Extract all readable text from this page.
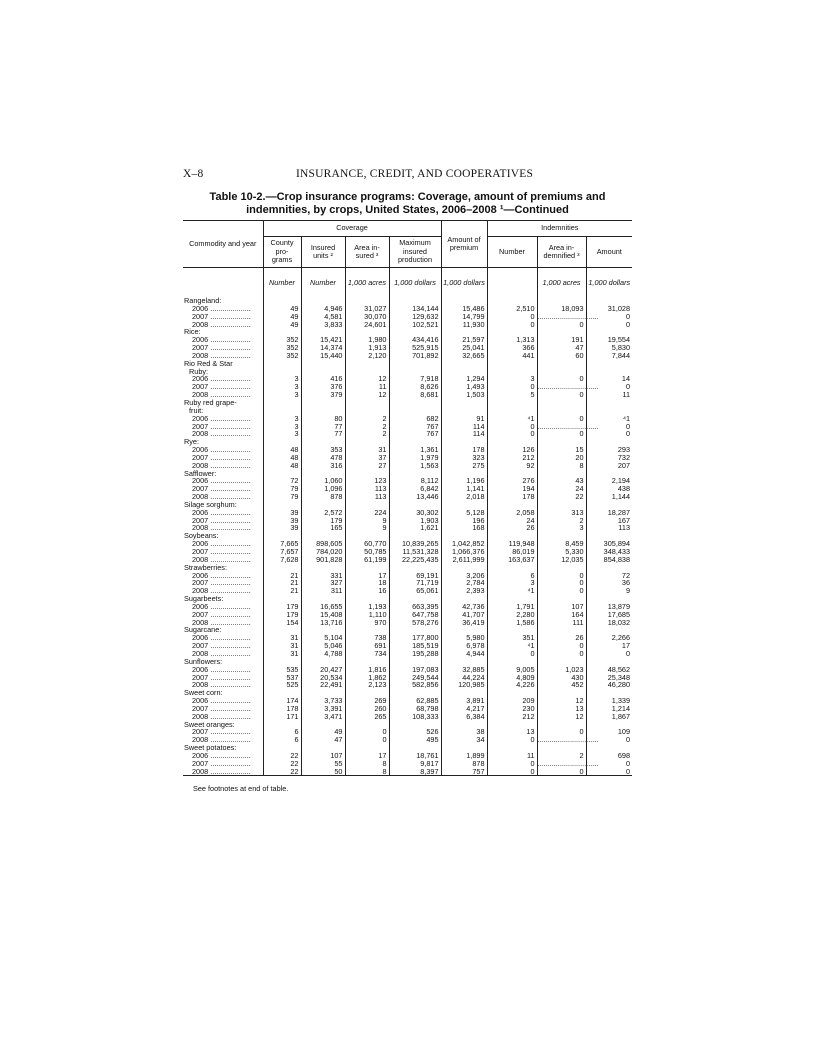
X–8	INSURANCE, CREDIT, AND COOPERATIVES
Table 10-2.—Crop insurance programs: Coverage, amount of premiums and
indemnities, by crops, United States, 2006–2008 ¹—Continued
Commodity and year	Coverage				Amount of premium	Indemnities		
	County pro- grams	Insured units ²	Area in- sured ³	Maximum insured production		Number	Area in- demnified ³	Amount
	Number	Number	1,000 acres	1,000 dollars	1,000 dollars		1,000 acres	1,000 dollars

Rangeland:								
2006 ....................	49	4,946	31,027	134,144	15,486	2,510	18,093	31,028
2007 ....................	49	4,581	30,070	129,632	14,799	0	..............................	0
2008 ....................	49	3,833	24,601	102,521	11,930	0	0	0
Rice:								
2006 ....................	352	15,421	1,980	434,416	21,597	1,313	191	19,554
2007 ....................	352	14,374	1,913	525,915	25,041	366	47	5,830
2008 ....................	352	15,440	2,120	701,892	32,665	441	60	7,844
Rio Red & Star								
Ruby:								
2006 ....................	3	416	12	7,918	1,294	3	0	14
2007 ....................	3	376	11	8,626	1,493	0	..............................	0
2008 ....................	3	379	12	8,681	1,503	5	0	11
Ruby red grape-								
fruit:								
2006 ....................	3	80	2	682	91	⁴1	0	⁴1
2007 ....................	3	77	2	767	114	0	..............................	0
2008 ....................	3	77	2	767	114	0	0	0
Rye:								
2006 ....................	48	353	31	1,361	178	126	15	293
2007 ....................	48	478	37	1,979	323	212	20	732
2008 ....................	48	316	27	1,563	275	92	8	207
Safflower:								
2006 ....................	72	1,060	123	8,112	1,196	276	43	2,194
2007 ....................	79	1,096	113	6,842	1,141	194	24	438
2008 ....................	79	878	113	13,446	2,018	178	22	1,144
Silage sorghum:								
2006 ....................	39	2,572	224	30,302	5,128	2,058	313	18,287
2007 ....................	39	179	9	1,903	196	24	2	167
2008 ....................	39	165	9	1,621	168	26	3	113
Soybeans:								
2006 ....................	7,665	898,605	60,770	10,839,265	1,042,852	119,948	8,459	305,894
2007 ....................	7,657	784,020	50,785	11,531,328	1,066,376	86,019	5,330	348,433
2008 ....................	7,628	901,828	61,199	22,225,435	2,611,999	163,637	12,035	854,838
Strawberries:								
2006 ....................	21	331	17	69,191	3,206	6	0	72
2007 ....................	21	327	18	71,719	2,784	3	0	36
2008 ....................	21	311	16	65,061	2,393	⁴1	0	9
Sugarbeets:								
2006 ....................	179	16,655	1,193	663,395	42,736	1,791	107	13,879
2007 ....................	179	15,408	1,110	647,758	41,707	2,280	164	17,685
2008 ....................	154	13,716	970	578,276	36,419	1,586	111	18,032
Sugarcane:								
2006 ....................	31	5,104	738	177,800	5,980	351	26	2,266
2007 ....................	31	5,046	691	185,519	6,978	⁴1	0	17
2008 ....................	31	4,788	734	195,288	4,944	0	0	0
Sunflowers:								
2006 ....................	535	20,427	1,816	197,083	32,885	9,005	1,023	48,562
2007 ....................	537	20,534	1,862	249,544	44,224	4,809	430	25,348
2008 ....................	525	22,491	2,123	582,856	120,985	4,226	452	46,280
Sweet corn:								
2006 ....................	174	3,733	269	62,885	3,891	209	12	1,339
2007 ....................	178	3,391	260	68,798	4,217	230	13	1,214
2008 ....................	171	3,471	265	108,333	6,384	212	12	1,867
Sweet oranges:								
2007 ....................	6	49	0	526	38	13	0	109
2008 ....................	6	47	0	495	34	0	..............................	0
Sweet potatoes:								
2006 ....................	22	107	17	18,761	1,899	11	2	698
2007 ....................	22	55	8	9,817	878	0	..............................	0
2008 ....................	22	50	8	8,397	757	0	0	0
See footnotes at end of table.
